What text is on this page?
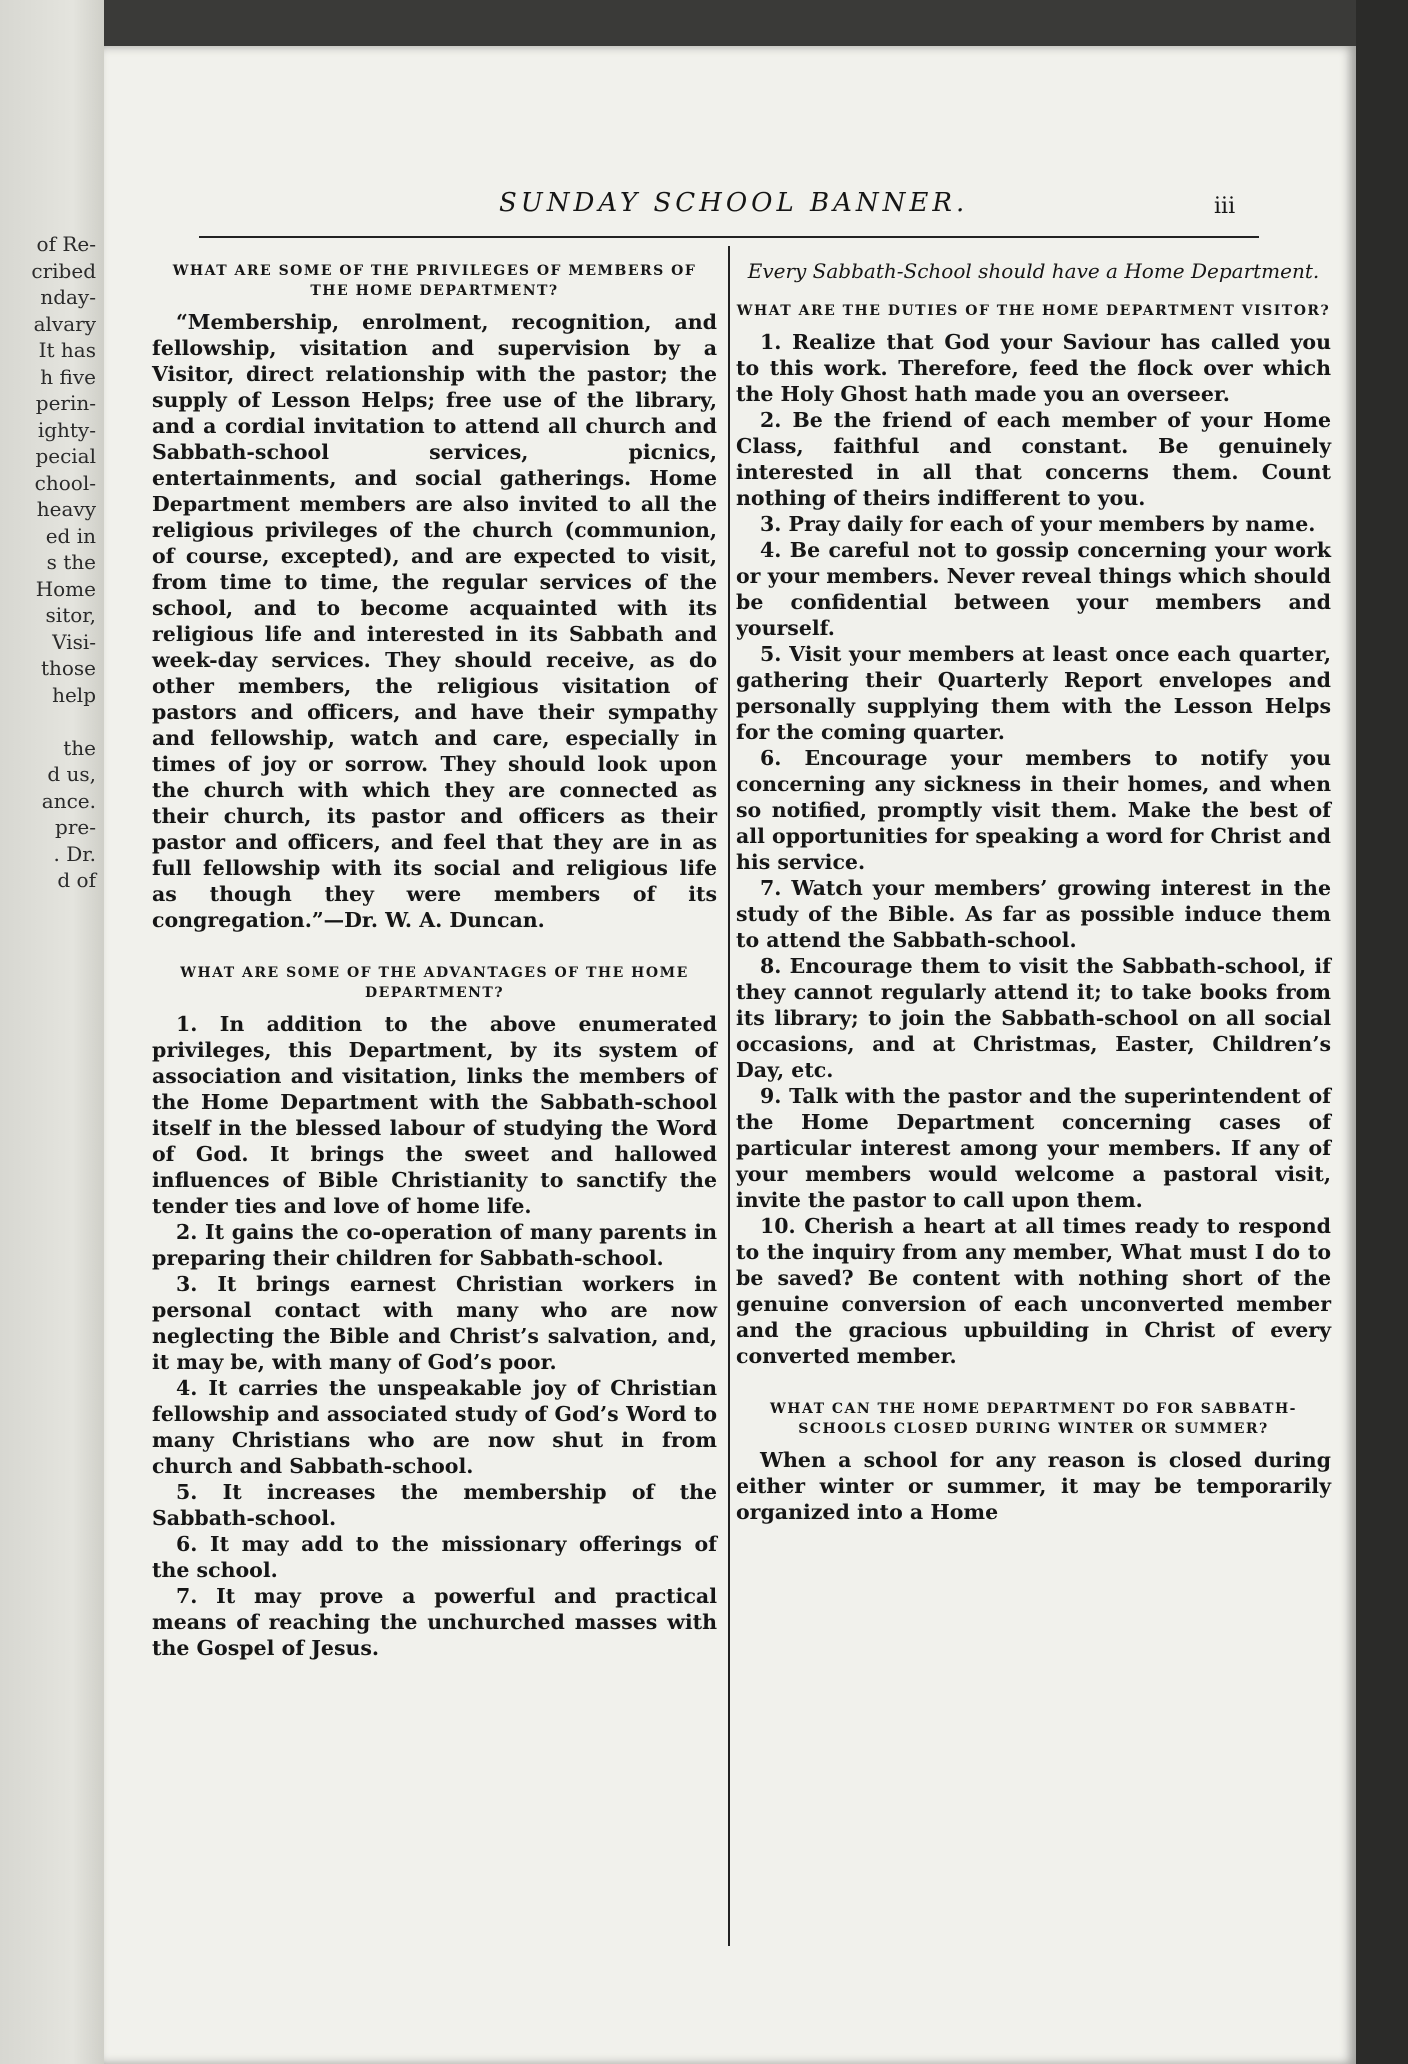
of Re-
cribed
nday-
alvary
It has
h five
perin-
ighty-
pecial
chool-
heavy
ed in
s the
Home
sitor,
Visi-
those
help
the
d us,
ance.
pre-
. Dr.
d of
SUNDAY SCHOOL BANNER.	iii
WHAT ARE SOME OF THE PRIVILEGES OF MEMBERS OF THE HOME DEPARTMENT?

“Membership, enrolment, recognition, and fellowship, visitation and supervision by a Visitor, direct relationship with the pastor; the supply of Lesson Helps; free use of the library, and a cordial invitation to attend all church and Sabbath-school services, picnics, entertainments, and social gatherings. Home Department members are also invited to all the religious privileges of the church (communion, of course, excepted), and are expected to visit, from time to time, the regular services of the school, and to become acquainted with its religious life and interested in its Sabbath and week-day services. They should receive, as do other members, the religious visitation of pastors and officers, and have their sympathy and fellowship, watch and care, especially in times of joy or sorrow. They should look upon the church with which they are connected as their church, its pastor and officers as their pastor and officers, and feel that they are in as full fellowship with its social and religious life as though they were members of its congregation.”—Dr. W. A. Duncan.

WHAT ARE SOME OF THE ADVANTAGES OF THE HOME DEPARTMENT?

1. In addition to the above enumerated privileges, this Department, by its system of association and visitation, links the members of the Home Department with the Sabbath-school itself in the blessed labour of studying the Word of God. It brings the sweet and hallowed influences of Bible Christianity to sanctify the tender ties and love of home life.

2. It gains the co-operation of many parents in preparing their children for Sabbath-school.

3. It brings earnest Christian workers in personal contact with many who are now neglecting the Bible and Christ’s salvation, and, it may be, with many of God’s poor.

4. It carries the unspeakable joy of Christian fellowship and associated study of God’s Word to many Christians who are now shut in from church and Sabbath-school.

5. It increases the membership of the Sabbath-school.

6. It may add to the missionary offerings of the school.

7. It may prove a powerful and practical means of reaching the unchurched masses with the Gospel of Jesus.

Every Sabbath-School should have a Home Department.
WHAT ARE THE DUTIES OF THE HOME DEPARTMENT VISITOR?

1. Realize that God your Saviour has called you to this work. Therefore, feed the flock over which the Holy Ghost hath made you an overseer.

2. Be the friend of each member of your Home Class, faithful and constant. Be genuinely interested in all that concerns them. Count nothing of theirs indifferent to you.

3. Pray daily for each of your members by name.

4. Be careful not to gossip concerning your work or your members. Never reveal things which should be confidential between your members and yourself.

5. Visit your members at least once each quarter, gathering their Quarterly Report envelopes and personally supplying them with the Lesson Helps for the coming quarter.

6. Encourage your members to notify you concerning any sickness in their homes, and when so notified, promptly visit them. Make the best of all opportunities for speaking a word for Christ and his service.

7. Watch your members’ growing interest in the study of the Bible. As far as possible induce them to attend the Sabbath-school.

8. Encourage them to visit the Sabbath-school, if they cannot regularly attend it; to take books from its library; to join the Sabbath-school on all social occasions, and at Christmas, Easter, Children’s Day, etc.

9. Talk with the pastor and the superintendent of the Home Department concerning cases of particular interest among your members. If any of your members would welcome a pastoral visit, invite the pastor to call upon them.

10. Cherish a heart at all times ready to respond to the inquiry from any member, What must I do to be saved? Be content with nothing short of the genuine conversion of each unconverted member and the gracious upbuilding in Christ of every converted member.

WHAT CAN THE HOME DEPARTMENT DO FOR SABBATH-SCHOOLS CLOSED DURING WINTER OR SUMMER?

When a school for any reason is closed during either winter or summer, it may be temporarily organized into a Home
